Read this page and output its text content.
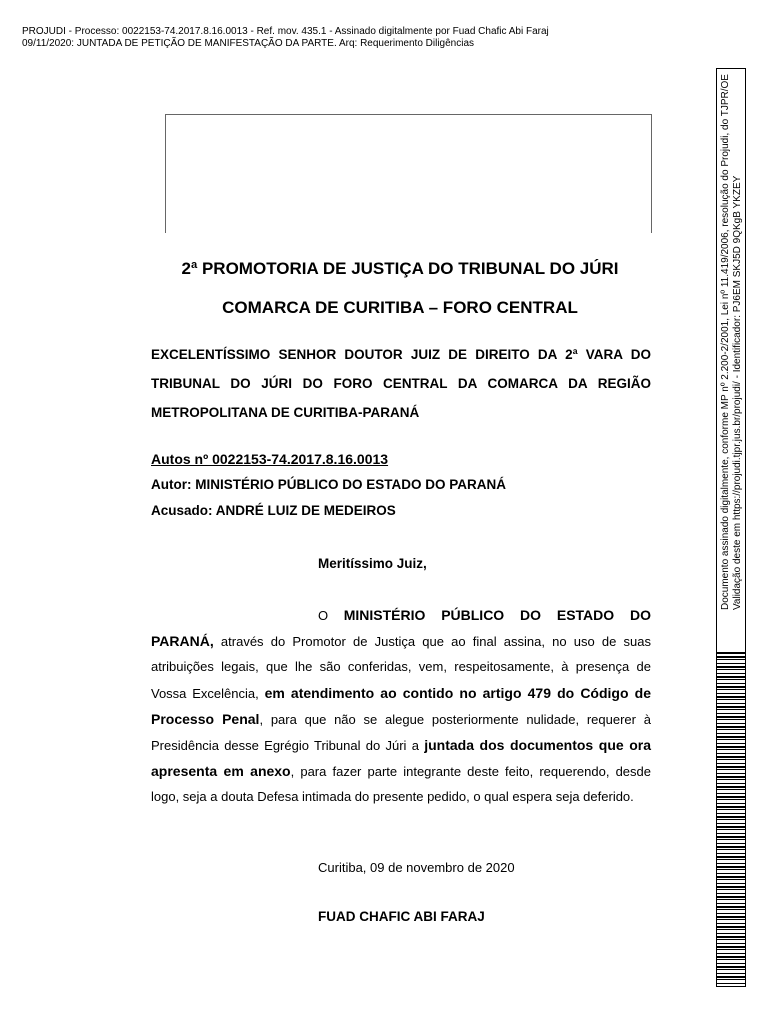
PROJUDI - Processo: 0022153-74.2017.8.16.0013 - Ref. mov. 435.1 - Assinado digitalmente por Fuad Chafic Abi Faraj
09/11/2020: JUNTADA DE PETIÇÃO DE MANIFESTAÇÃO DA PARTE. Arq: Requerimento Diligências
2ª PROMOTORIA DE JUSTIÇA DO TRIBUNAL DO JÚRI
COMARCA DE CURITIBA – FORO CENTRAL
EXCELENTÍSSIMO SENHOR DOUTOR JUIZ DE DIREITO DA 2ª VARA DO
TRIBUNAL DO JÚRI DO FORO CENTRAL DA COMARCA DA REGIÃO
METROPOLITANA DE CURITIBA-PARANÁ
Autos nº 0022153-74.2017.8.16.0013
Autor: MINISTÉRIO PÚBLICO DO ESTADO DO PARANÁ
Acusado: ANDRÉ LUIZ DE MEDEIROS
Meritíssimo Juiz,
O MINISTÉRIO PÚBLICO DO ESTADO DO
PARANÁ, através do Promotor de Justiça que ao final assina, no uso de suas
atribuições legais, que lhe são conferidas, vem, respeitosamente, à presença de
Vossa Excelência, em atendimento ao contido no artigo 479 do Código de
Processo Penal, para que não se alegue posteriormente nulidade, requerer à
Presidência desse Egrégio Tribunal do Júri a juntada dos documentos que ora
apresenta em anexo, para fazer parte integrante deste feito, requerendo, desde
logo, seja a douta Defesa intimada do presente pedido, o qual espera seja deferido.
Curitiba, 09 de novembro de 2020
FUAD CHAFIC ABI FARAJ
Documento assinado digitalmente, conforme MP nº 2.200-2/2001, Lei nº 11.419/2006, resolução do Projudi, do TJPR/OE Validação deste em https://projudi.tjpr.jus.br/projudi/ - Identificador: PJ6EM SKJ5D 9QKgB YKZEY
